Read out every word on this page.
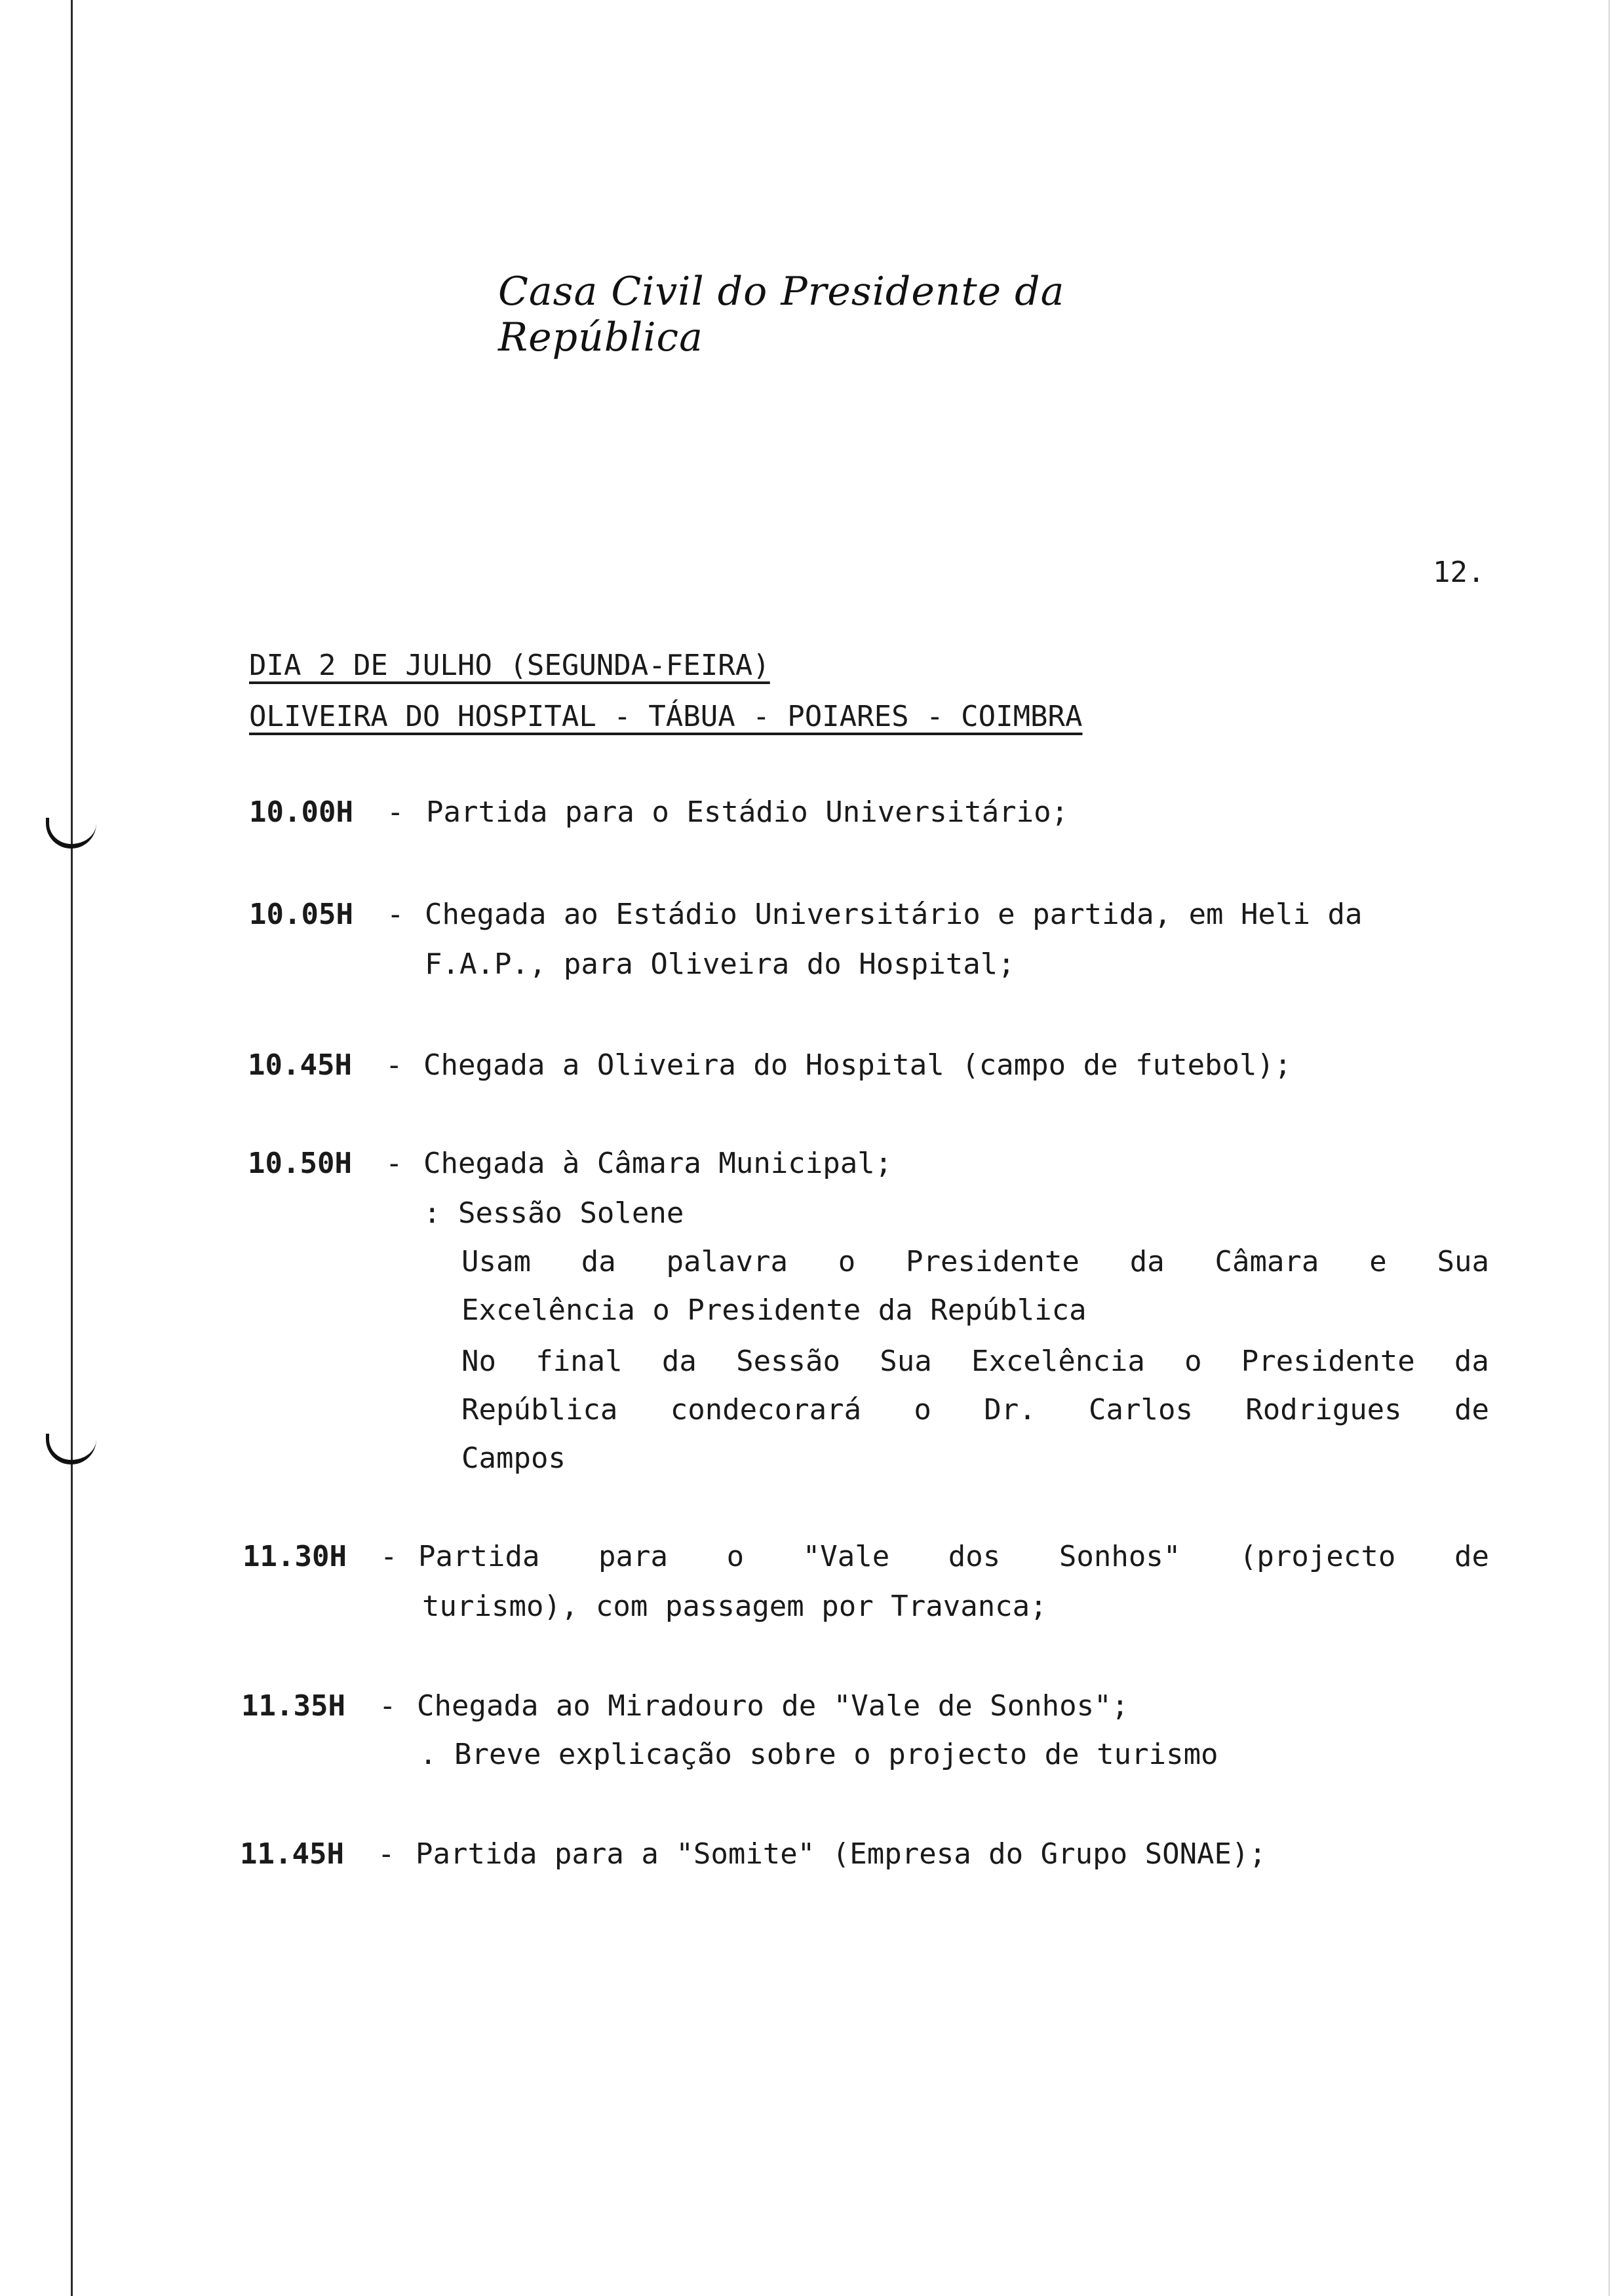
Casa Civil do Presidente da República
12.
DIA 2 DE JULHO (SEGUNDA-FEIRA)
OLIVEIRA DO HOSPITAL - TÁBUA - POIARES - COIMBRA
10.00H - Partida para o Estádio Universitário;
10.05H - Chegada ao Estádio Universitário e partida, em Heli da
F.A.P., para Oliveira do Hospital;
10.45H - Chegada a Oliveira do Hospital (campo de futebol);
10.50H - Chegada à Câmara Municipal;
: Sessão Solene
Usam da palavra o Presidente da Câmara e Sua
Excelência o Presidente da República
No final da Sessão Sua Excelência o Presidente da
República condecorará o Dr. Carlos Rodrigues de
Campos
11.30H - Partida para o "Vale dos Sonhos" (projecto de
turismo), com passagem por Travanca;
11.35H - Chegada ao Miradouro de "Vale de Sonhos";
. Breve explicação sobre o projecto de turismo
11.45H - Partida para a "Somite" (Empresa do Grupo SONAE);
